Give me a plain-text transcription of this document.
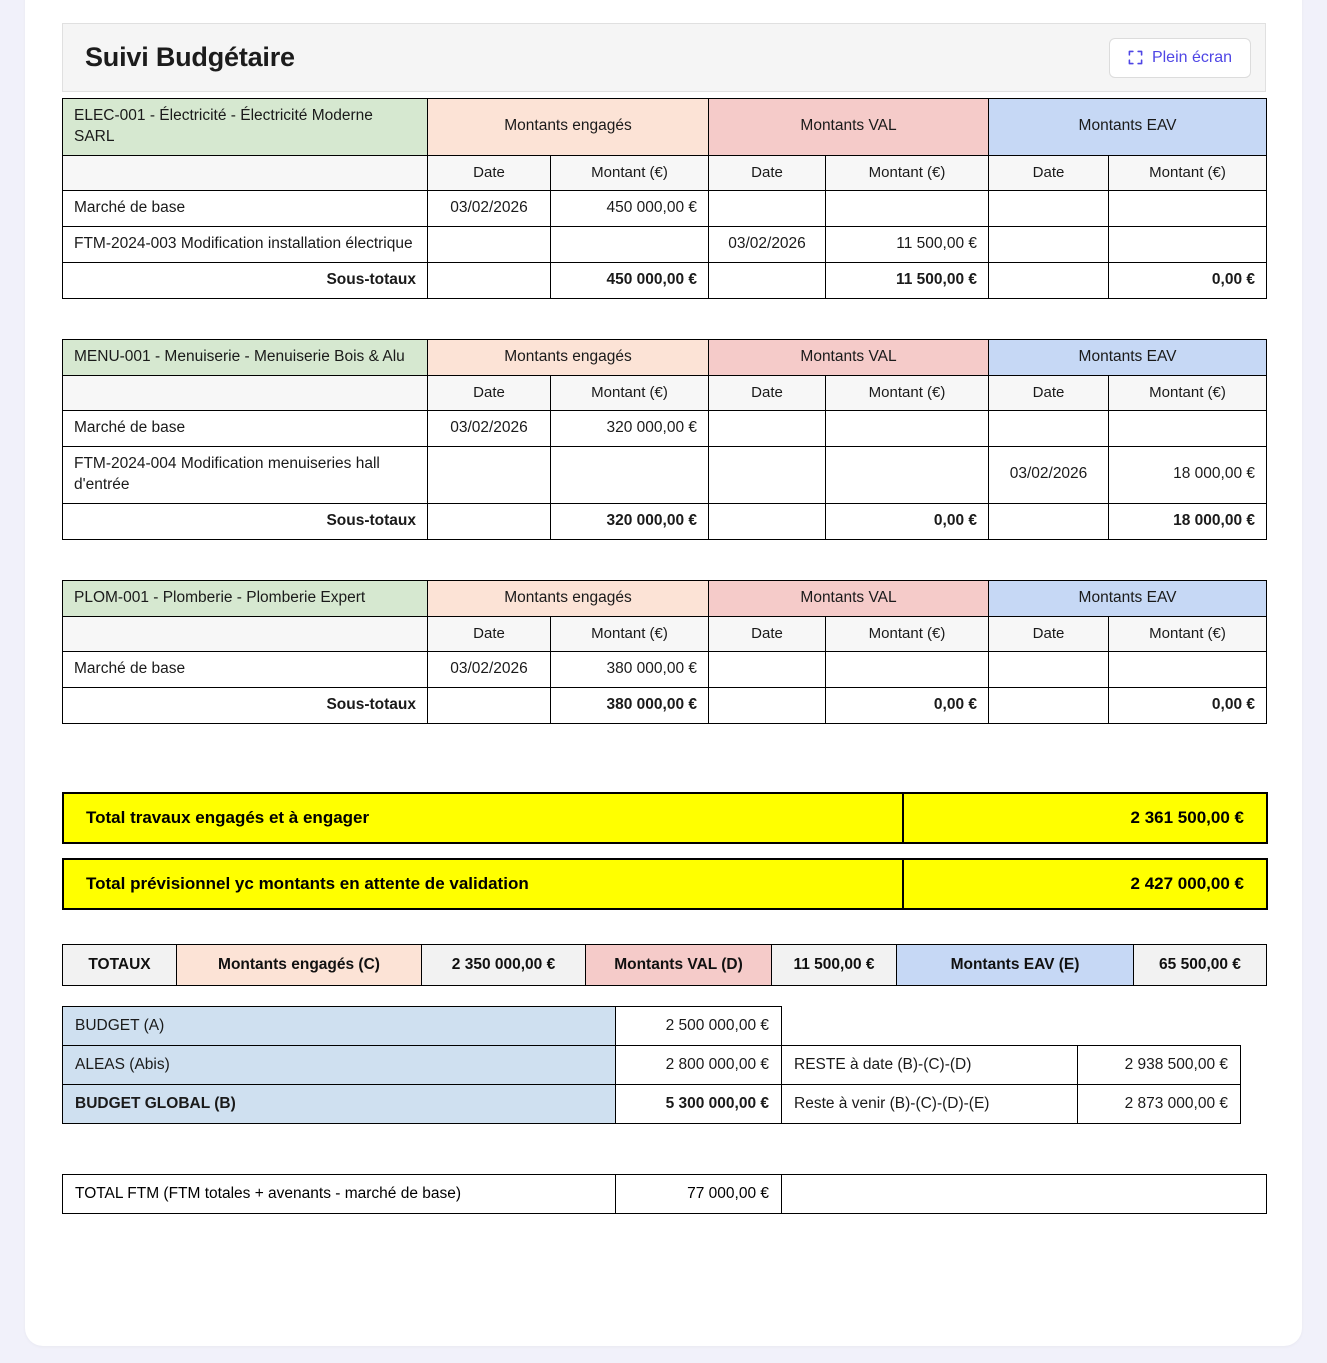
Suivi Budgétaire	Plein écran
ELEC-001 - Électricité - Électricité Moderne SARL	Montants engagés		Montants VAL		Montants EAV	
	Date	Montant (€)	Date	Montant (€)	Date	Montant (€)
Marché de base	03/02/2026	450 000,00 €				
FTM-2024-003 Modification installation électrique			03/02/2026	11 500,00 €		
Sous-totaux		450 000,00 €		11 500,00 €		0,00 €
MENU-001 - Menuiserie - Menuiserie Bois & Alu	Montants engagés		Montants VAL		Montants EAV	
	Date	Montant (€)	Date	Montant (€)	Date	Montant (€)
Marché de base	03/02/2026	320 000,00 €				
FTM-2024-004 Modification menuiseries hall d'entrée					03/02/2026	18 000,00 €
Sous-totaux		320 000,00 €		0,00 €		18 000,00 €
PLOM-001 - Plomberie - Plomberie Expert	Montants engagés		Montants VAL		Montants EAV	
	Date	Montant (€)	Date	Montant (€)	Date	Montant (€)
Marché de base	03/02/2026	380 000,00 €				
Sous-totaux		380 000,00 €		0,00 €		0,00 €
Total travaux engagés et à engager	2 361 500,00 €
Total prévisionnel yc montants en attente de validation	2 427 000,00 €
TOTAUX	Montants engagés (C)	2 350 000,00 €	Montants VAL (D)	11 500,00 €	Montants EAV (E)	65 500,00 €
BUDGET (A)	2 500 000,00 €			
ALEAS (Abis)	2 800 000,00 €	RESTE à date (B)-(C)-(D)	2 938 500,00 €	
BUDGET GLOBAL (B)	5 300 000,00 €	Reste à venir (B)-(C)-(D)-(E)	2 873 000,00 €	
TOTAL FTM (FTM totales + avenants - marché de base)	77 000,00 €	
